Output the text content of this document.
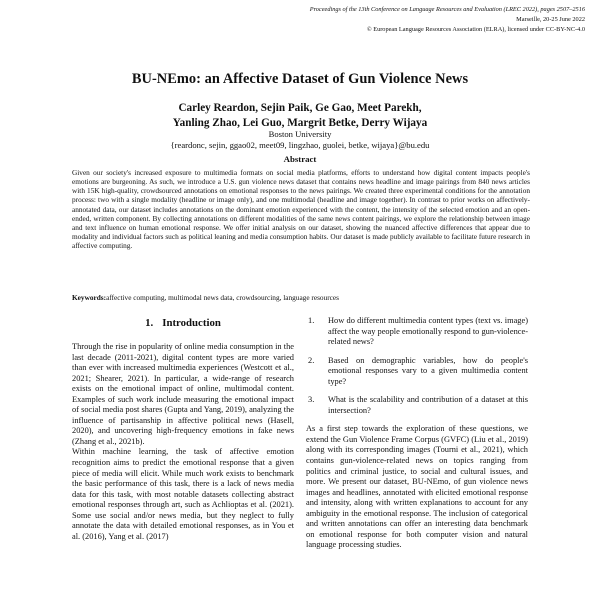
Proceedings of the 13th Conference on Language Resources and Evaluation (LREC 2022), pages 2507–2516
Marseille, 20-25 June 2022
© European Language Resources Association (ELRA), licensed under CC-BY-NC-4.0
BU-NEmo: an Affective Dataset of Gun Violence News
Carley Reardon, Sejin Paik, Ge Gao, Meet Parekh,
Yanling Zhao, Lei Guo, Margrit Betke, Derry Wijaya
Boston University
{reardonc, sejin, ggao02, meet09, lingzhao, guolei, betke, wijaya}@bu.edu
Abstract

Given our society's increased exposure to multimedia formats on social media platforms, efforts to understand how digital content impacts people's emotions are burgeoning. As such, we introduce a U.S. gun violence news dataset that contains news headline and image pairings from 840 news articles with 15K high-quality, crowdsourced annotations on emotional responses to the news pairings. We created three experimental conditions for the annotation process: two with a single modality (headline or image only), and one multimodal (headline and image together). In contrast to prior works on affectively-annotated data, our dataset includes annotations on the dominant emotion experienced with the content, the intensity of the selected emotion and an open-ended, written component. By collecting annotations on different modalities of the same news content pairings, we explore the relationship between image and text influence on human emotional response. We offer initial analysis on our dataset, showing the nuanced affective differences that appear due to modality and individual factors such as political leaning and media consumption habits. Our dataset is made publicly available to facilitate future research in affective computing.

Keywords:affective computing, multimodal news data, crowdsourcing, language resources

1. Introduction

Through the rise in popularity of online media consumption in the last decade (2011-2021), digital content types are more varied than ever with increased multimedia experiences (Westcott et al., 2021; Shearer, 2021). In particular, a wide-range of research exists on the emotional impact of online, multimodal content. Examples of such work include measuring the emotional impact of social media post shares (Gupta and Yang, 2019), analyzing the influence of partisanship in affective political news (Hasell, 2020), and uncovering high-frequency emotions in fake news (Zhang et al., 2021b).

Within machine learning, the task of affective emotion recognition aims to predict the emotional response that a given piece of media will elicit. While much work exists to benchmark the basic performance of this task, there is a lack of news media data for this task, with most notable datasets collecting abstract emotional responses through art, such as Achlioptas et al. (2021). Some use social and/or news media, but they neglect to fully annotate the data with detailed emotional responses, as in You et al. (2016), Yang et al. (2017)

1. How do different multimedia content types (text vs. image) affect the way people emotionally respond to gun-violence-related news?
2. Based on demographic variables, how do people's emotional responses vary to a given multimedia content type?
3. What is the scalability and contribution of a dataset at this intersection?

As a first step towards the exploration of these questions, we extend the Gun Violence Frame Corpus (GVFC) (Liu et al., 2019) along with its corresponding images (Tourni et al., 2021), which contains gun-violence-related news on topics ranging from politics and criminal justice, to social and cultural issues, and more. We present our dataset, BU-NEmo, of gun violence news images and headlines, annotated with elicited emotional response and intensity, along with written explanations to account for any ambiguity in the emotional response. The inclusion of categorical and written annotations can offer an interesting data benchmark on emotional response for both computer vision and natural language processing studies.
